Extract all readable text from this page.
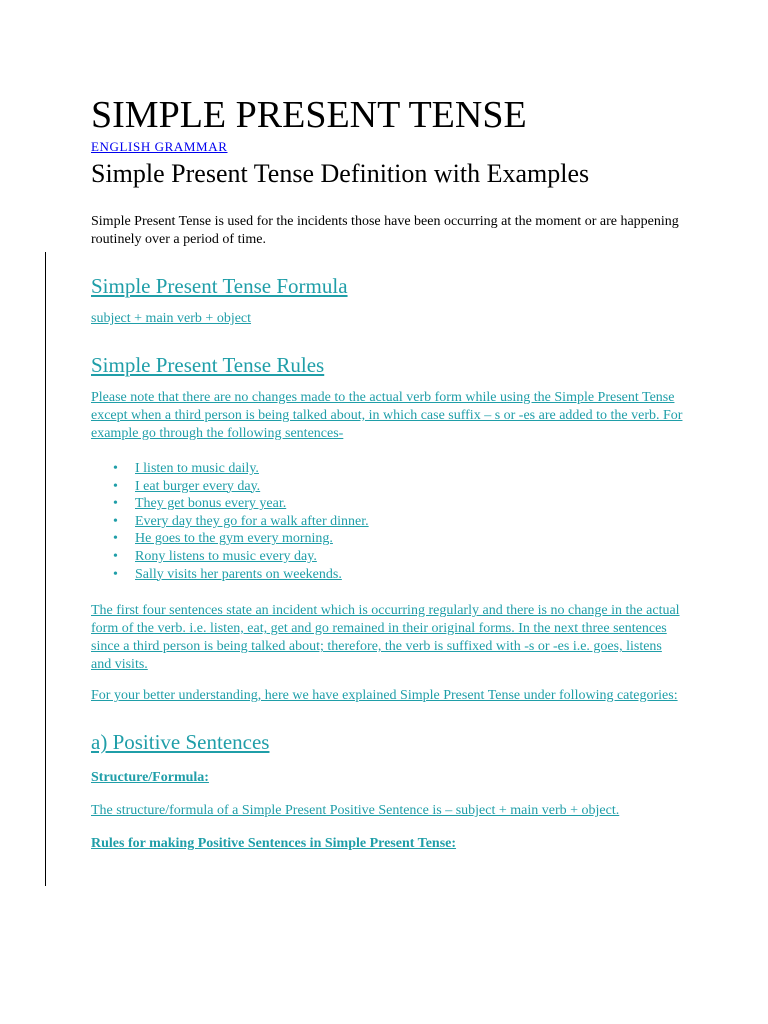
SIMPLE PRESENT TENSE
ENGLISH GRAMMAR
Simple Present Tense Definition with Examples

Simple Present Tense is used for the incidents those have been occurring at the moment or are happening routinely over a period of time.

Simple Present Tense Formula

subject + main verb + object

Simple Present Tense Rules

Please note that there are no changes made to the actual verb form while using the Simple Present Tense except when a third person is being talked about, in which case suffix – s or -es are added to the verb. For example go through the following sentences-

• I listen to music daily.
• I eat burger every day.
• They get bonus every year.
• Every day they go for a walk after dinner.
• He goes to the gym every morning.
• Rony listens to music every day.
• Sally visits her parents on weekends.

The first four sentences state an incident which is occurring regularly and there is no change in the actual form of the verb. i.e. listen, eat, get and go remained in their original forms. In the next three sentences since a third person is being talked about; therefore, the verb is suffixed with -s or -es i.e. goes, listens and visits.

For your better understanding, here we have explained Simple Present Tense under following categories:

a) Positive Sentences

Structure/Formula:

The structure/formula of a Simple Present Positive Sentence is – subject + main verb + object.

Rules for making Positive Sentences in Simple Present Tense:
